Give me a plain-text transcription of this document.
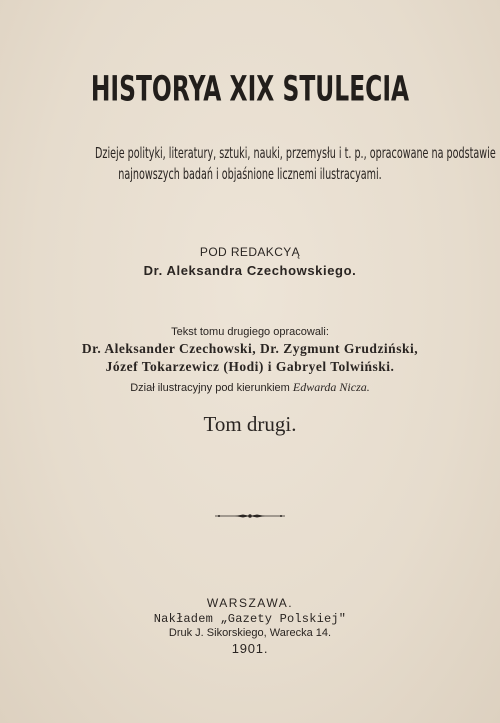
HISTORYA XIX STULECIA
Dzieje polityki, literatury, sztuki, nauki, przemysłu i t. p., opracowane na podstawie
najnowszych badań i objaśnione licznemi ilustracyami.
POD REDAKCYĄ
Dr. Aleksandra Czechowskiego.
Tekst tomu drugiego opracowali:
Dr. Aleksander Czechowski, Dr. Zygmunt Grudziński,
Józef Tokarzewicz (Hodi) i Gabryel Tolwiński.
Dział ilustracyjny pod kierunkiem Edwarda Nicza.
Tom drugi.
WARSZAWA.
Nakładem „Gazety Polskiej"
Druk J. Sikorskiego, Warecka 14.
1901.
